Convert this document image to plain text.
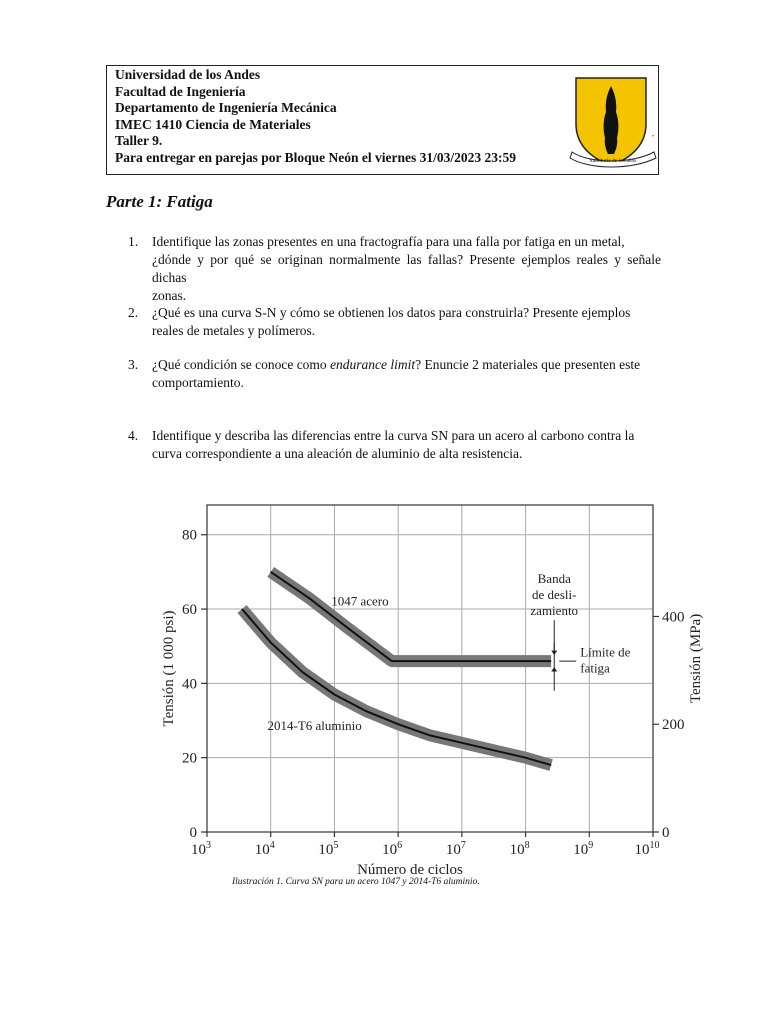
Universidad de los Andes
Facultad de Ingeniería
Departamento de Ingeniería Mecánica
IMEC 1410 Ciencia de Materiales
Taller 9.
Para entregar en parejas por Bloque Neón el viernes 31/03/2023 23:59	Sabiduría de los años
•
Parte 1: Fatiga
1. Identifique las zonas presentes en una fractografía para una falla por fatiga en un metal,
¿dónde y por qué se originan normalmente las fallas? Presente ejemplos reales y señale dichas
zonas.
2. ¿Qué es una curva S-N y cómo se obtienen los datos para construirla? Presente ejemplos
reales de metales y polímeros.
3. ¿Qué condición se conoce como endurance limit? Enuncie 2 materiales que presenten este
comportamiento.
4. Identifique y describa las diferencias entre la curva SN para un acero al carbono contra la
curva correspondiente a una aleación de aluminio de alta resistencia.
0
20
40
60
80
0
200
400
$10^3$	$10^4$	$10^5$	$10^6$	$10^7$	$10^8$	$10^9$	$10^{10}$
Número de ciclos
Tensión (1 000 psi)	Tensión (MPa)
1047 acero
2014-T6 aluminio
Banda
de desli-
zamiento
Límite de
fatiga
Ilustración 1. Curva SN para un acero 1047 y 2014-T6 aluminio.
